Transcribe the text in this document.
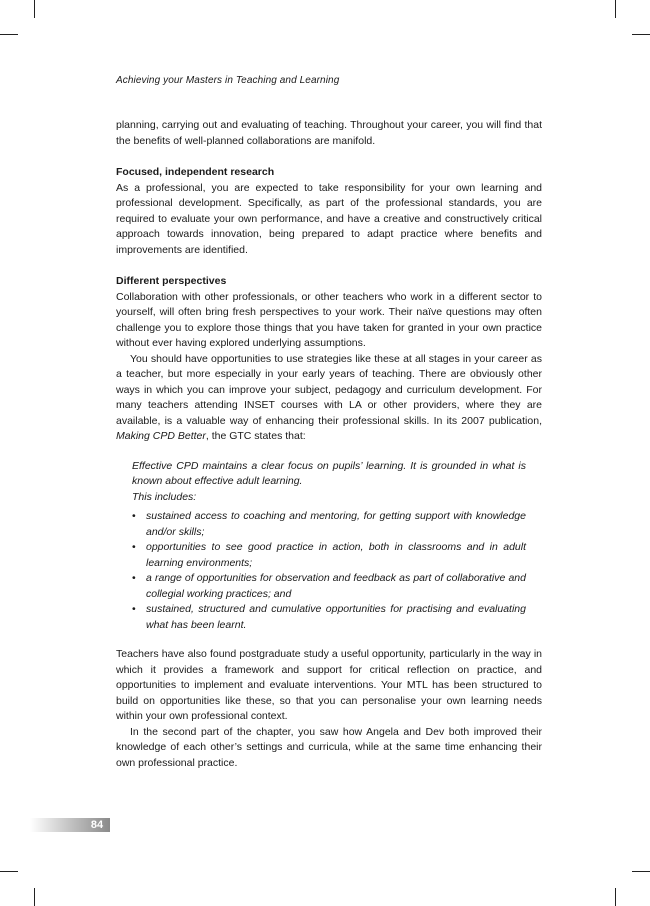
Achieving your Masters in Teaching and Learning

planning, carrying out and evaluating of teaching. Throughout your career, you will find that the benefits of well-planned collaborations are manifold.

Focused, independent research

As a professional, you are expected to take responsibility for your own learning and professional development. Specifically, as part of the professional standards, you are required to evaluate your own performance, and have a creative and constructively critical approach towards innovation, being prepared to adapt practice where benefits and improvements are identified.

Different perspectives

Collaboration with other professionals, or other teachers who work in a different sector to yourself, will often bring fresh perspectives to your work. Their naïve questions may often challenge you to explore those things that you have taken for granted in your own practice without ever having explored underlying assumptions.

You should have opportunities to use strategies like these at all stages in your career as a teacher, but more especially in your early years of teaching. There are obviously other ways in which you can improve your subject, pedagogy and curriculum development. For many teachers attending INSET courses with LA or other providers, where they are available, is a valuable way of enhancing their professional skills. In its 2007 publication, Making CPD Better, the GTC states that:

Effective CPD maintains a clear focus on pupils’ learning. It is grounded in what is known about effective adult learning.

This includes:

• sustained access to coaching and mentoring, for getting support with knowledge and/or skills;
• opportunities to see good practice in action, both in classrooms and in adult learning environments;
• a range of opportunities for observation and feedback as part of collaborative and collegial working practices; and
• sustained, structured and cumulative opportunities for practising and evaluating what has been learnt.

Teachers have also found postgraduate study a useful opportunity, particularly in the way in which it provides a framework and support for critical reflection on practice, and opportunities to implement and evaluate interventions. Your MTL has been structured to build on opportunities like these, so that you can personalise your own learning needs within your own professional context.

In the second part of the chapter, you saw how Angela and Dev both improved their knowledge of each other’s settings and curricula, while at the same time enhancing their own professional practice.

84
